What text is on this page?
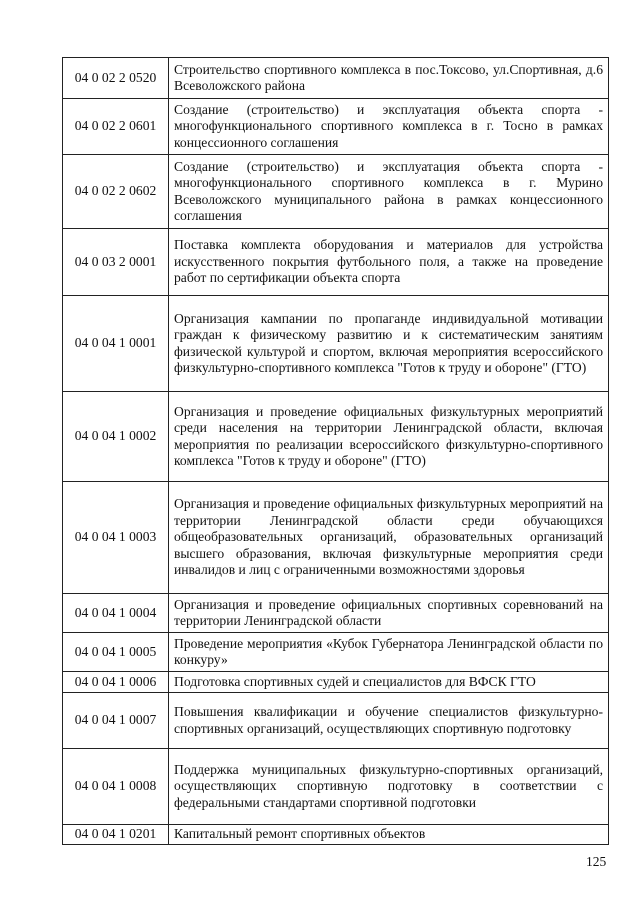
04 0 02 2 0520	Строительство спортивного комплекса в пос.Токсово, ул.Спортивная, д.6 Всеволожского района
04 0 02 2 0601	Создание (строительство) и эксплуатация объекта спорта - многофункционального спортивного комплекса в г. Тосно в рамках концессионного соглашения
04 0 02 2 0602	Создание (строительство) и эксплуатация объекта спорта - многофункционального спортивного комплекса в г. Мурино Всеволожского муниципального района в рамках концессионного соглашения
04 0 03 2 0001	Поставка комплекта оборудования и материалов для устройства искусственного покрытия футбольного поля, а также на проведение работ по сертификации объекта спорта
04 0 04 1 0001	Организация кампании по пропаганде индивидуальной мотивации граждан к физическому развитию и к систематическим занятиям физической культурой и спортом, включая мероприятия всероссийского физкультурно-спортивного комплекса "Готов к труду и обороне" (ГТО)
04 0 04 1 0002	Организация и проведение официальных физкультурных мероприятий среди населения на территории Ленинградской области, включая мероприятия по реализации всероссийского физкультурно-спортивного комплекса "Готов к труду и обороне" (ГТО)
04 0 04 1 0003	Организация и проведение официальных физкультурных мероприятий на территории Ленинградской области среди обучающихся общеобразовательных организаций, образовательных организаций высшего образования, включая физкультурные мероприятия среди инвалидов и лиц с ограниченными возможностями здоровья
04 0 04 1 0004	Организация и проведение официальных спортивных соревнований на территории Ленинградской области
04 0 04 1 0005	Проведение мероприятия «Кубок Губернатора Ленинградской области по конкуру»
04 0 04 1 0006	Подготовка спортивных судей и специалистов для ВФСК ГТО
04 0 04 1 0007	Повышения квалификации и обучение специалистов физкультурно-спортивных организаций, осуществляющих спортивную подготовку
04 0 04 1 0008	Поддержка муниципальных физкультурно-спортивных организаций, осуществляющих спортивную подготовку в соответствии с федеральными стандартами спортивной подготовки
04 0 04 1 0201	Капитальный ремонт спортивных объектов
125
